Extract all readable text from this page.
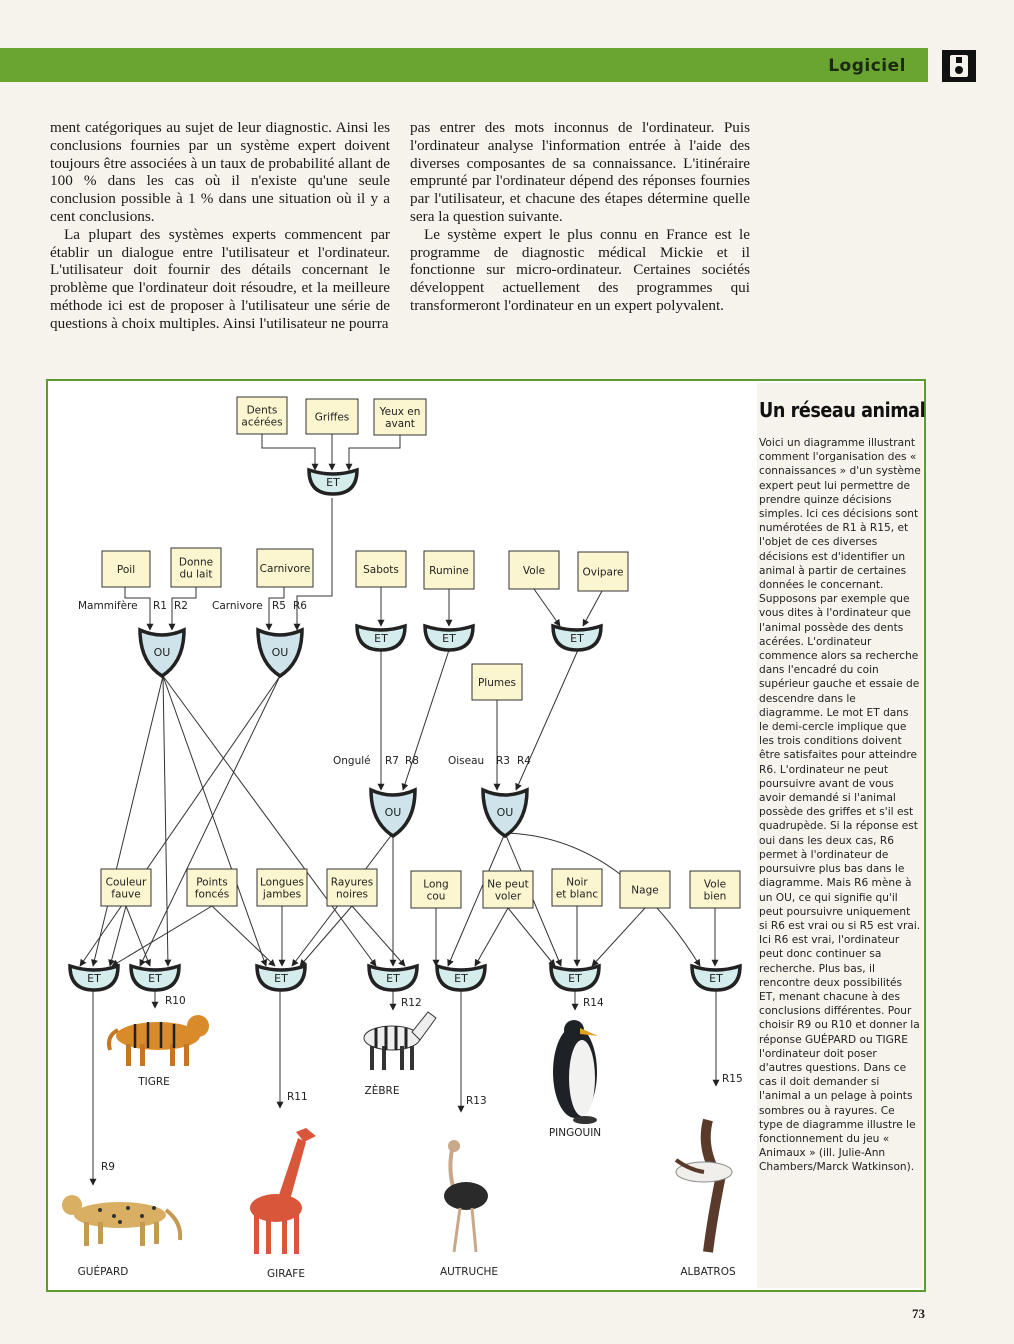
Logiciel

ment catégoriques au sujet de leur diagnostic. Ainsi les conclusions fournies par un système expert doivent toujours être associées à un taux de probabilité allant de 100 % dans les cas où il n'existe qu'une seule conclusion possible à 1 % dans une situation où il y a cent conclusions.

La plupart des systèmes experts commencent par établir un dialogue entre l'utilisateur et l'ordinateur. L'utilisateur doit fournir des détails concernant le problème que l'ordinateur doit résoudre, et la meilleure méthode ici est de proposer à l'utilisateur une série de questions à choix multiples. Ainsi l'utilisateur ne pourra

pas entrer des mots inconnus de l'ordinateur. Puis l'ordinateur analyse l'information entrée à l'aide des diverses composantes de sa connaissance. L'itinéraire emprunté par l'ordinateur dépend des réponses fournies par l'utilisateur, et chacune des étapes détermine quelle sera la question suivante.

Le système expert le plus connu en France est le programme de diagnostic médical Mickie et il fonctionne sur micro-ordinateur. Certaines sociétés développent actuellement des programmes qui transformeront l'ordinateur en un expert polyvalent.

Un réseau animal
Voici un diagramme illustrant comment l'organisation des « connaissances » d'un système expert peut lui permettre de prendre quinze décisions simples. Ici ces décisions sont numérotées de R1 à R15, et l'objet de ces diverses décisions est d'identifier un animal à partir de certaines données le concernant. Supposons par exemple que vous dites à l'ordinateur que l'animal possède des dents acérées. L'ordinateur commence alors sa recherche dans l'encadré du coin supérieur gauche et essaie de descendre dans le diagramme. Le mot ET dans le demi-cercle implique que les trois conditions doivent être satisfaites pour atteindre R6. L'ordinateur ne peut poursuivre avant de vous avoir demandé si l'animal possède des griffes et s'il est quadrupède. Si la réponse est oui dans les deux cas, R6 permet à l'ordinateur de poursuivre plus bas dans le diagramme. Mais R6 mène à un OU, ce qui signifie qu'il peut poursuivre uniquement si R6 est vrai ou si R5 est vrai. Ici R6 est vrai, l'ordinateur peut donc continuer sa recherche. Plus bas, il rencontre deux possibilités ET, menant chacune à des conclusions différentes. Pour choisir R9 ou R10 et donner la réponse GUÉPARD ou TIGRE l'ordinateur doit poser d'autres questions. Dans ce cas il doit demander si l'animal a un pelage à points sombres ou à rayures. Ce type de diagramme illustre le fonctionnement du jeu « Animaux » (ill. Julie-Ann Chambers/Marck Watkinson).
Dents
acérées	Griffes	Yeux en
avant
Poil
Donne
du lait	Carnivore	Sabots	Rumine	Vole	Ovipare
Plumes
Couleur
fauve
Points
foncés
Longues
jambes
Rayures
noires
Long
cou
Ne peut
voler
Noir
et blanc	Nage	Vole
bien
ET
OU	OU
ET	ET	ET
OU	OU
ET	ET	ET	ET	ET	ET	ET
Mammifère R1 R2 Carnivore R5 R6
Ongulé R7 R8	Oiseau R3 R4
R10	R12	R14
R11	R13
R15
R9
TIGRE
ZÈBRE
PINGOUIN
GUÉPARD	GIRAFE	AUTRUCHE	ALBATROS
73
